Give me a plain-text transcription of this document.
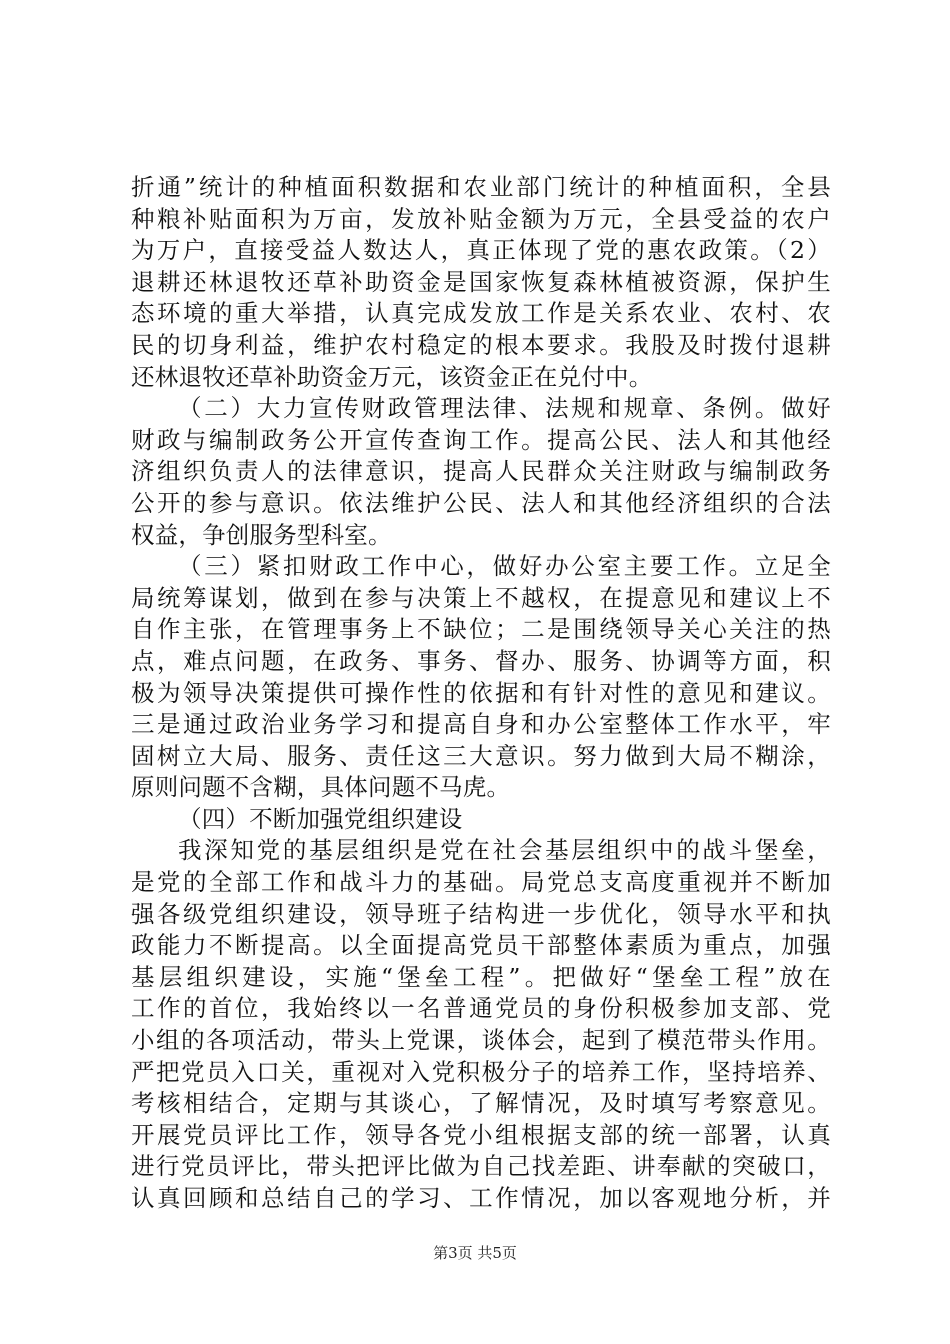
折通”统计的种植面积数据和农业部门统计的种植面积，全县
种粮补贴面积为万亩，发放补贴金额为万元，全县受益的农户
为万户，直接受益人数达人，真正体现了党的惠农政策。（2）
退耕还林退牧还草补助资金是国家恢复森林植被资源，保护生
态环境的重大举措，认真完成发放工作是关系农业、农村、农
民的切身利益，维护农村稳定的根本要求。我股及时拨付退耕
还林退牧还草补助资金万元，该资金正在兑付中。
（二）大力宣传财政管理法律、法规和规章、条例。做好
财政与编制政务公开宣传查询工作。提高公民、法人和其他经
济组织负责人的法律意识，提高人民群众关注财政与编制政务
公开的参与意识。依法维护公民、法人和其他经济组织的合法
权益，争创服务型科室。
（三）紧扣财政工作中心，做好办公室主要工作。立足全
局统筹谋划，做到在参与决策上不越权，在提意见和建议上不
自作主张，在管理事务上不缺位；二是围绕领导关心关注的热
点，难点问题，在政务、事务、督办、服务、协调等方面，积
极为领导决策提供可操作性的依据和有针对性的意见和建议。
三是通过政治业务学习和提高自身和办公室整体工作水平，牢
固树立大局、服务、责任这三大意识。努力做到大局不糊涂，
原则问题不含糊，具体问题不马虎。
（四）不断加强党组织建设
我深知党的基层组织是党在社会基层组织中的战斗堡垒，
是党的全部工作和战斗力的基础。局党总支高度重视并不断加
强各级党组织建设，领导班子结构进一步优化，领导水平和执
政能力不断提高。以全面提高党员干部整体素质为重点，加强
基层组织建设，实施“堡垒工程”。把做好“堡垒工程”放在
工作的首位，我始终以一名普通党员的身份积极参加支部、党
小组的各项活动，带头上党课，谈体会，起到了模范带头作用。
严把党员入口关，重视对入党积极分子的培养工作，坚持培养、
考核相结合，定期与其谈心，了解情况，及时填写考察意见。
开展党员评比工作，领导各党小组根据支部的统一部署，认真
进行党员评比，带头把评比做为自己找差距、讲奉献的突破口，
认真回顾和总结自己的学习、工作情况，加以客观地分析，并
第3页 共5页
